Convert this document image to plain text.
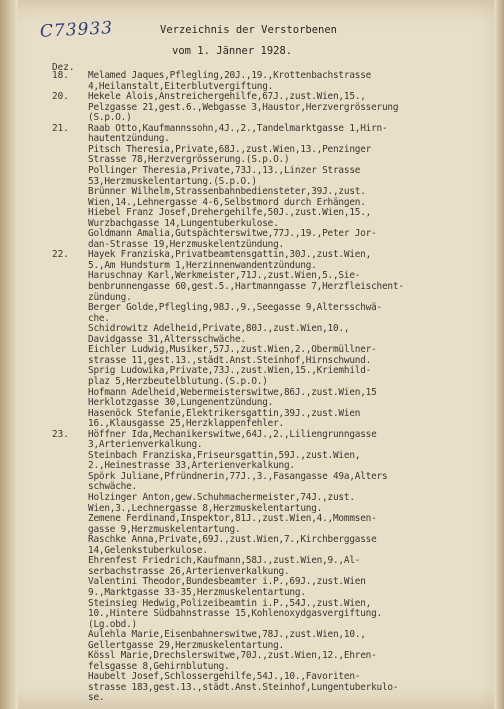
C73933	Verzeichnis der Verstorbenen
vom 1. Jänner 1928.
Melamed Jaques,Pflegling,20J.,19.,Krottenbachstrasse
4,Heilanstalt,Eiterblutvergiftung.
Hekele Alois,Anstreichergehilfe,67J.,zust.Wien,15.,
Pelzgasse 21,gest.6.,Webgasse 3,Haustor,Herzvergrösserung
(S.p.O.)
Raab Otto,Kaufmannssohn,4J.,2.,Tandelmarktgasse 1,Hirn-
hautentzündung.
Pitsch Theresia,Private,68J.,zust.Wien,13.,Penzinger
Strasse 78,Herzvergrösserung.(S.p.O.)
Pollinger Theresia,Private,73J.,13.,Linzer Strasse
53,Herzmuskelentartung.(S.p.O.)
Brünner Wilhelm,Strassenbahnbediensteter,39J.,zust.
Wien,14.,Lehnergasse 4-6,Selbstmord durch Erhängen.
Hiebel Franz Josef,Drehergehilfe,50J.,zust.Wien,15.,
Wurzbachgasse 14,Lungentuberkulose.
Goldmann Amalia,Gutspächterswitwe,77J.,19.,Peter Jor-
dan-Strasse 19,Herzmuskelentzündung.
Hayek Franziska,Privatbeamtensgattin,30J.,zust.Wien,
5.,Am Hundsturm 1,Herzinnenwandentzündung.
Haruschnay Karl,Werkmeister,71J.,zust.Wien,5.,Sie-
benbrunnengasse 60,gest.5.,Hartmanngasse 7,Herzfleischent-
zündung.
Berger Golde,Pflegling,98J.,9.,Seegasse 9,Altersschwä-
che.
Schidrowitz Adelheid,Private,80J.,zust.Wien,10.,
Davidgasse 31,Altersschwäche.
Eichler Ludwig,Musiker,57J.,zust.Wien,2.,Obermüllner-
strasse 11,gest.13.,städt.Anst.Steinhof,Hirnschwund.
Sprig Ludowika,Private,73J.,zust.Wien,15.,Kriemhild-
plaz 5,Herzbeutelblutung.(S.p.O.)
Hofmann Adelheid,Webermeisterswitwe,86J.,zust.Wien,15
Herklotzgasse 30,Lungenentzündung.
Hasenöck Stefanie,Elektrikersgattin,39J.,zust.Wien
16.,Klausgasse 25,Herzklappenfehler.
Höffner Ida,Mechanikerswitwe,64J.,2.,Liliengrunngasse
3,Arterienverkalkung.
Steinbach Franziska,Friseursgattin,59J.,zust.Wien,
2.,Heinestrasse 33,Arterienverkalkung.
Spörk Juliane,Pfründnerin,77J.,3.,Fasangasse 49a,Alters
schwäche.
Holzinger Anton,gew.Schuhmachermeister,74J.,zust.
Wien,3.,Lechnergasse 8,Herzmuskelentartung.
Zemene Ferdinand,Inspektor,81J.,zust.Wien,4.,Mommsen-
gasse 9,Herzmuskelentartung.
Raschke Anna,Private,69J.,zust.Wien,7.,Kirchberggasse
14,Gelenkstuberkulose.
Ehrenfest Friedrich,Kaufmann,58J.,zust.Wien,9.,Al-
serbachstrasse 26,Arterienverkalkung.
Valentini Theodor,Bundesbeamter i.P.,69J.,zust.Wien
9.,Marktgasse 33-35,Herzmuskelentartung.
Steinsieg Hedwig,Polizeibeamtin i.P.,54J.,zust.Wien,
10.,Hintere Südbahnstrasse 15,Kohlenoxydgasvergiftung.
(Lg.obd.)
Aulehla Marie,Eisenbahnerswitwe,78J.,zust.Wien,10.,
Gellertgasse 29,Herzmuskelentartung.
Kössl Marie,Drechslerswitwe,70J.,zust.Wien,12.,Ehren-
felsgasse 8,Gehirnblutung.
Haubelt Josef,Schlossergehilfe,54J.,10.,Favoriten-
strasse 183,gest.13.,städt.Anst.Steinhof,Lungentuberkulo-
se.
Dez.
18.
20.
21.
22.
23.
